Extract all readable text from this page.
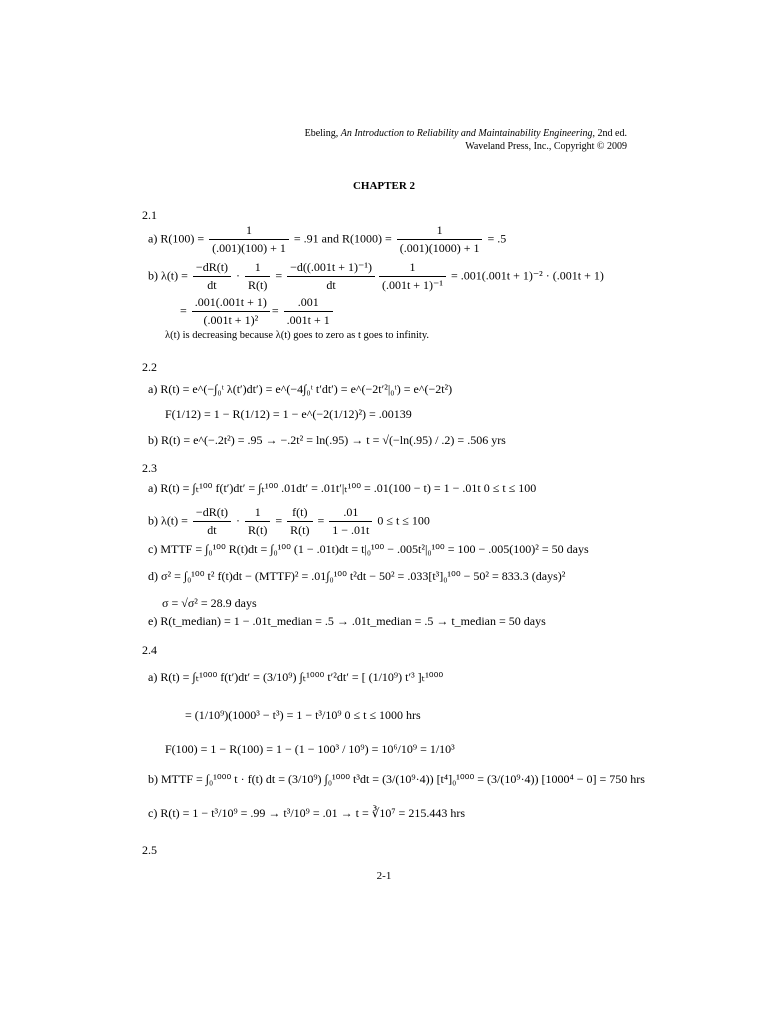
Ebeling, An Introduction to Reliability and Maintainability Engineering, 2nd ed.
Waveland Press, Inc., Copyright © 2009
CHAPTER 2
2.1
a) $R(100) = \frac{1}{(.001)(100) + 1} = .91$ and $R(1000) = \frac{1}{(.001)(1000) + 1} = .5$
b) $\lambda(t) = \frac{-dR(t)}{dt} \cdot \frac{1}{R(t)} = \frac{\text{−d((.001t + 1)⁻¹)}}{dt} \frac{1}{\text{(.001t + 1)⁻¹}} = .001(.001t + 1)^{-2} \cdot (.001t + 1)$
= $\frac{.001(.001t + 1)}{\text{(.001t + 1)²}} = \frac{.001}{.001t + 1}$
λ(t) is decreasing because λ(t) goes to zero as t goes to infinity.
2.2
a) R(t) = e^(−∫₀ᵗ λ(t′)dt′) = e^(−4∫₀ᵗ t′dt′) = e^(−2t′²|₀ᵗ) = e^(−2t²)
F(1/12) = 1 − R(1/12) = 1 − e^(−2(1/12)²) = .00139
b) R(t) = e^(−.2t²) = .95 → −.2t² = ln(.95) → t = √(−ln(.95) / .2) = .506 yrs
2.3
a) R(t) = ∫ₜ¹⁰⁰ f(t′)dt′ = ∫ₜ¹⁰⁰ .01dt′ = .01t′|ₜ¹⁰⁰ = .01(100 − t) = 1 − .01t 0 ≤ t ≤ 100
b) $\lambda(t) = \frac{-dR(t)}{dt} \cdot \frac{1}{R(t)} = \frac{f(t)}{R(t)} = \frac{.01}{1 - .01t} 0 \le t \le 100$
c) MTTF = ∫₀¹⁰⁰ R(t)dt = ∫₀¹⁰⁰ (1 − .01t)dt = t|₀¹⁰⁰ − .005t²|₀¹⁰⁰ = 100 − .005(100)² = 50 days
d) σ² = ∫₀¹⁰⁰ t² f(t)dt − (MTTF)² = .01∫₀¹⁰⁰ t²dt − 50² = .033[t³]₀¹⁰⁰ − 50² = 833.3 (days)²
σ = √σ² = 28.9 days
e) R(t_median) = 1 − .01t_median = .5 → .01t_median = .5 → t_median = 50 days
2.4
a) R(t) = ∫ₜ¹⁰⁰⁰ f(t′)dt′ = (3/10⁹) ∫ₜ¹⁰⁰⁰ t′²dt′ = [ (1/10⁹) t′³ ]ₜ¹⁰⁰⁰
= (1/10⁹)(1000³ − t³) = 1 − t³/10⁹ 0 ≤ t ≤ 1000 hrs
F(100) = 1 − R(100) = 1 − (1 − 100³ / 10⁹) = 10⁶/10⁹ = 1/10³
b) MTTF = ∫₀¹⁰⁰⁰ t · f(t) dt = (3/10⁹) ∫₀¹⁰⁰⁰ t³dt = (3/(10⁹·4)) [t⁴]₀¹⁰⁰⁰ = (3/(10⁹·4)) [1000⁴ − 0] = 750 hrs
c) R(t) = 1 − t³/10⁹ = .99 → t³/10⁹ = .01 → t = ∛10⁷ = 215.443 hrs
2.5
2-1
